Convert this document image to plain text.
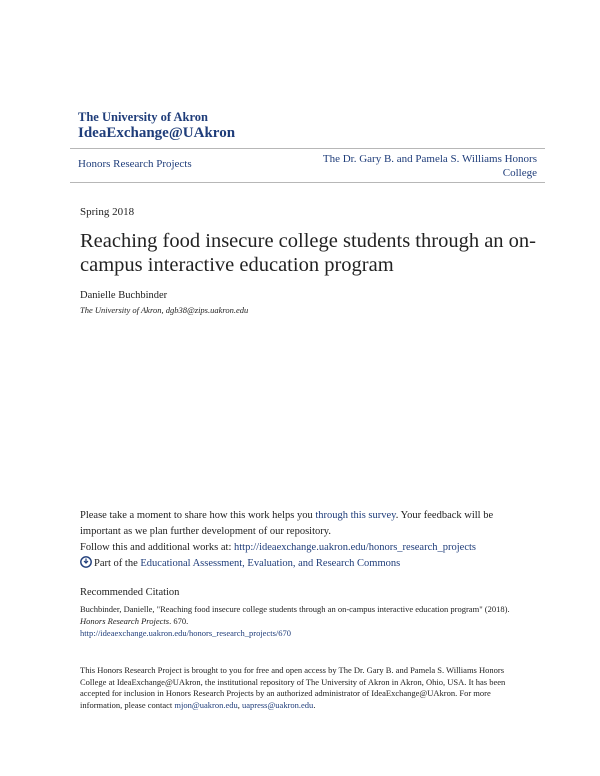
The University of Akron
IdeaExchange@UAkron
Honors Research Projects	The Dr. Gary B. and Pamela S. Williams Honors College
Spring 2018
Reaching food insecure college students through an on-campus interactive education program
Danielle Buchbinder
The University of Akron, dgb38@zips.uakron.edu

Please take a moment to share how this work helps you through this survey. Your feedback will be important as we plan further development of our repository.

Follow this and additional works at: http://ideaexchange.uakron.edu/honors_research_projects

Part of the Educational Assessment, Evaluation, and Research Commons

Recommended Citation

Buchbinder, Danielle, "Reaching food insecure college students through an on-campus interactive education program" (2018). Honors Research Projects. 670.

http://ideaexchange.uakron.edu/honors_research_projects/670

This Honors Research Project is brought to you for free and open access by The Dr. Gary B. and Pamela S. Williams Honors College at IdeaExchange@UAkron, the institutional repository of The University of Akron in Akron, Ohio, USA. It has been accepted for inclusion in Honors Research Projects by an authorized administrator of IdeaExchange@UAkron. For more information, please contact mjon@uakron.edu, uapress@uakron.edu.
